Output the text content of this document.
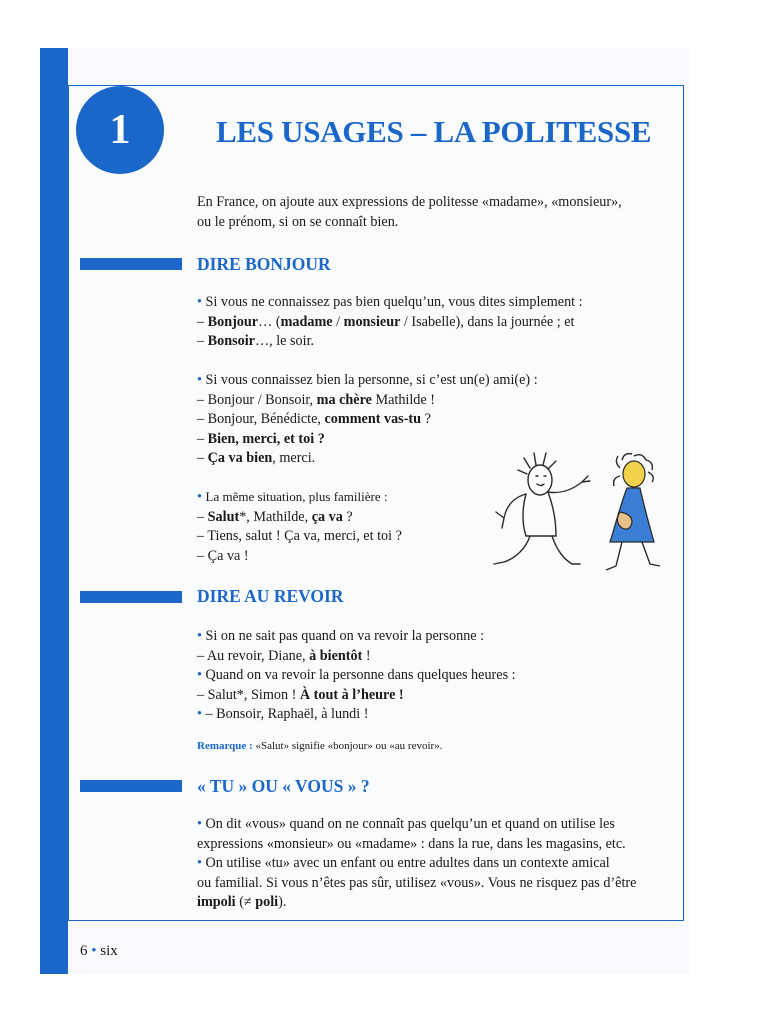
1	LES USAGES – LA POLITESSE

En France, on ajoute aux expressions de politesse «madame», «monsieur»,

ou le prénom, si on se connaît bien.

DIRE BONJOUR

• Si vous ne connaissez pas bien quelqu’un, vous dites simplement :

– Bonjour… (madame / monsieur / Isabelle), dans la journée ; et

– Bonsoir…, le soir.

• Si vous connaissez bien la personne, si c’est un(e) ami(e) :

– Bonjour / Bonsoir, ma chère Mathilde !

– Bonjour, Bénédicte, comment vas-tu ?

– Bien, merci, et toi ?

– Ça va bien, merci.

• La même situation, plus familière :

– Salut*, Mathilde, ça va ?

– Tiens, salut ! Ça va, merci, et toi ?

– Ça va !

DIRE AU REVOIR

• Si on ne sait pas quand on va revoir la personne :

– Au revoir, Diane, à bientôt !

• Quand on va revoir la personne dans quelques heures :

– Salut*, Simon ! À tout à l’heure !

• – Bonsoir, Raphaël, à lundi !

Remarque : «Salut» signifie «bonjour» ou «au revoir».
« TU » OU « VOUS » ?

• On dit «vous» quand on ne connaît pas quelqu’un et quand on utilise les

expressions «monsieur» ou «madame» : dans la rue, dans les magasins, etc.

• On utilise «tu» avec un enfant ou entre adultes dans un contexte amical

ou familial. Si vous n’êtes pas sûr, utilisez «vous». Vous ne risquez pas d’être

impoli (≠ poli).

6 • six
